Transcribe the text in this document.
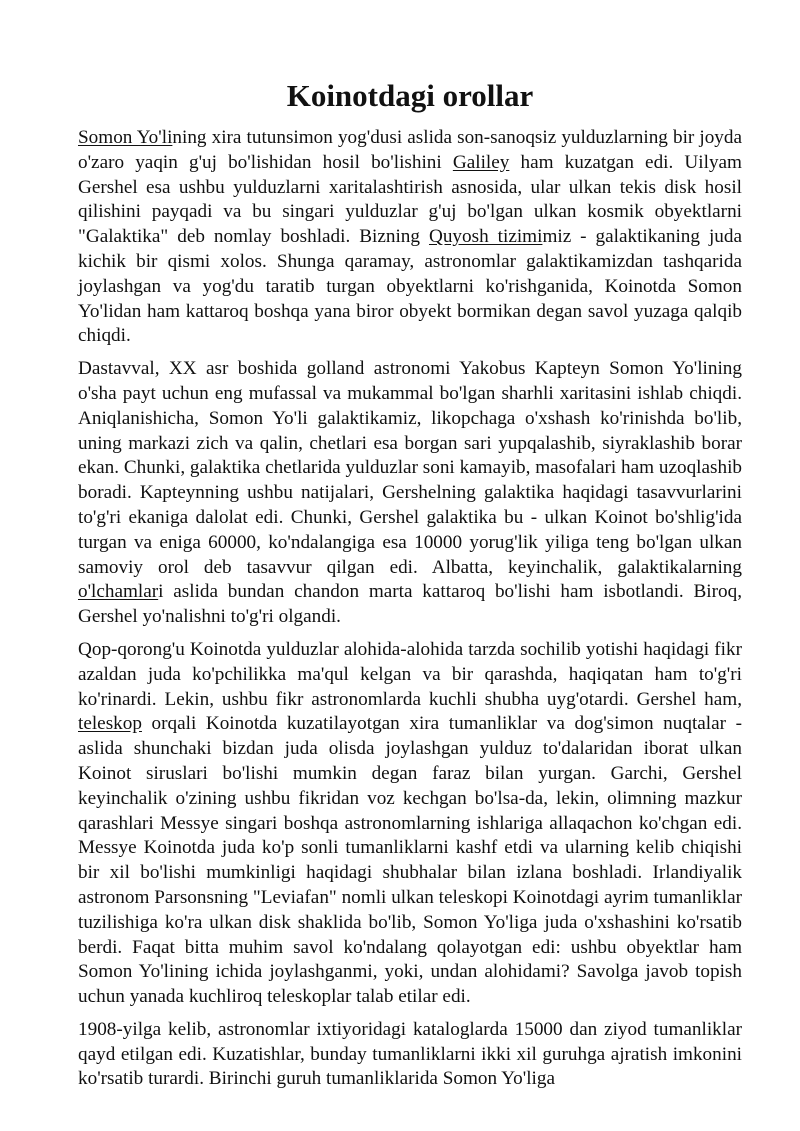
Koinotdagi orollar

Somon Yo'lining xira tutunsimon yog'dusi aslida son-sanoqsiz yulduzlarning bir joyda o'zaro yaqin g'uj bo'lishidan hosil bo'lishini Galiley ham kuzatgan edi. Uilyam Gershel esa ushbu yulduzlarni xaritalashtirish asnosida, ular ulkan tekis disk hosil qilishini payqadi va bu singari yulduzlar g'uj bo'lgan ulkan kosmik obyektlarni "Galaktika" deb nomlay boshladi. Bizning Quyosh tizimimiz - galaktikaning juda kichik bir qismi xolos. Shunga qaramay, astronomlar galaktikamizdan tashqarida joylashgan va yog'du taratib turgan obyektlarni ko'rishganida, Koinotda Somon Yo'lidan ham kattaroq boshqa yana biror obyekt bormikan degan savol yuzaga qalqib chiqdi.

Dastavval, XX asr boshida golland astronomi Yakobus Kapteyn Somon Yo'lining o'sha payt uchun eng mufassal va mukammal bo'lgan sharhli xaritasini ishlab chiqdi. Aniqlanishicha, Somon Yo'li galaktikamiz, likopchaga o'xshash ko'rinishda bo'lib, uning markazi zich va qalin, chetlari esa borgan sari yupqalashib, siyraklashib borar ekan. Chunki, galaktika chetlarida yulduzlar soni kamayib, masofalari ham uzoqlashib boradi. Kapteynning ushbu natijalari, Gershelning galaktika haqidagi tasavvurlarini to'g'ri ekaniga dalolat edi. Chunki, Gershel galaktika bu - ulkan Koinot bo'shlig'ida turgan va eniga 60000, ko'ndalangiga esa 10000 yorug'lik yiliga teng bo'lgan ulkan samoviy orol deb tasavvur qilgan edi. Albatta, keyinchalik, galaktikalarning o'lchamlari aslida bundan chandon marta kattaroq bo'lishi ham isbotlandi. Biroq, Gershel yo'nalishni to'g'ri olgandi.

Qop-qorong'u Koinotda yulduzlar alohida-alohida tarzda sochilib yotishi haqidagi fikr azaldan juda ko'pchilikka ma'qul kelgan va bir qarashda, haqiqatan ham to'g'ri ko'rinardi. Lekin, ushbu fikr astronomlarda kuchli shubha uyg'otardi. Gershel ham, teleskop orqali Koinotda kuzatilayotgan xira tumanliklar va dog'simon nuqtalar - aslida shunchaki bizdan juda olisda joylashgan yulduz to'dalaridan iborat ulkan Koinot siruslari bo'lishi mumkin degan faraz bilan yurgan. Garchi, Gershel keyinchalik o'zining ushbu fikridan voz kechgan bo'lsa-da, lekin, olimning mazkur qarashlari Messye singari boshqa astronomlarning ishlariga allaqachon ko'chgan edi. Messye Koinotda juda ko'p sonli tumanliklarni kashf etdi va ularning kelib chiqishi bir xil bo'lishi mumkinligi haqidagi shubhalar bilan izlana boshladi. Irlandiyalik astronom Parsonsning "Leviafan" nomli ulkan teleskopi Koinotdagi ayrim tumanliklar tuzilishiga ko'ra ulkan disk shaklida bo'lib, Somon Yo'liga juda o'xshashini ko'rsatib berdi. Faqat bitta muhim savol ko'ndalang qolayotgan edi: ushbu obyektlar ham Somon Yo'lining ichida joylashganmi, yoki, undan alohidami? Savolga javob topish uchun yanada kuchliroq teleskoplar talab etilar edi.

1908-yilga kelib, astronomlar ixtiyoridagi kataloglarda 15000 dan ziyod tumanliklar qayd etilgan edi. Kuzatishlar, bunday tumanliklarni ikki xil guruhga ajratish imkonini ko'rsatib turardi. Birinchi guruh tumanliklarida Somon Yo'liga
